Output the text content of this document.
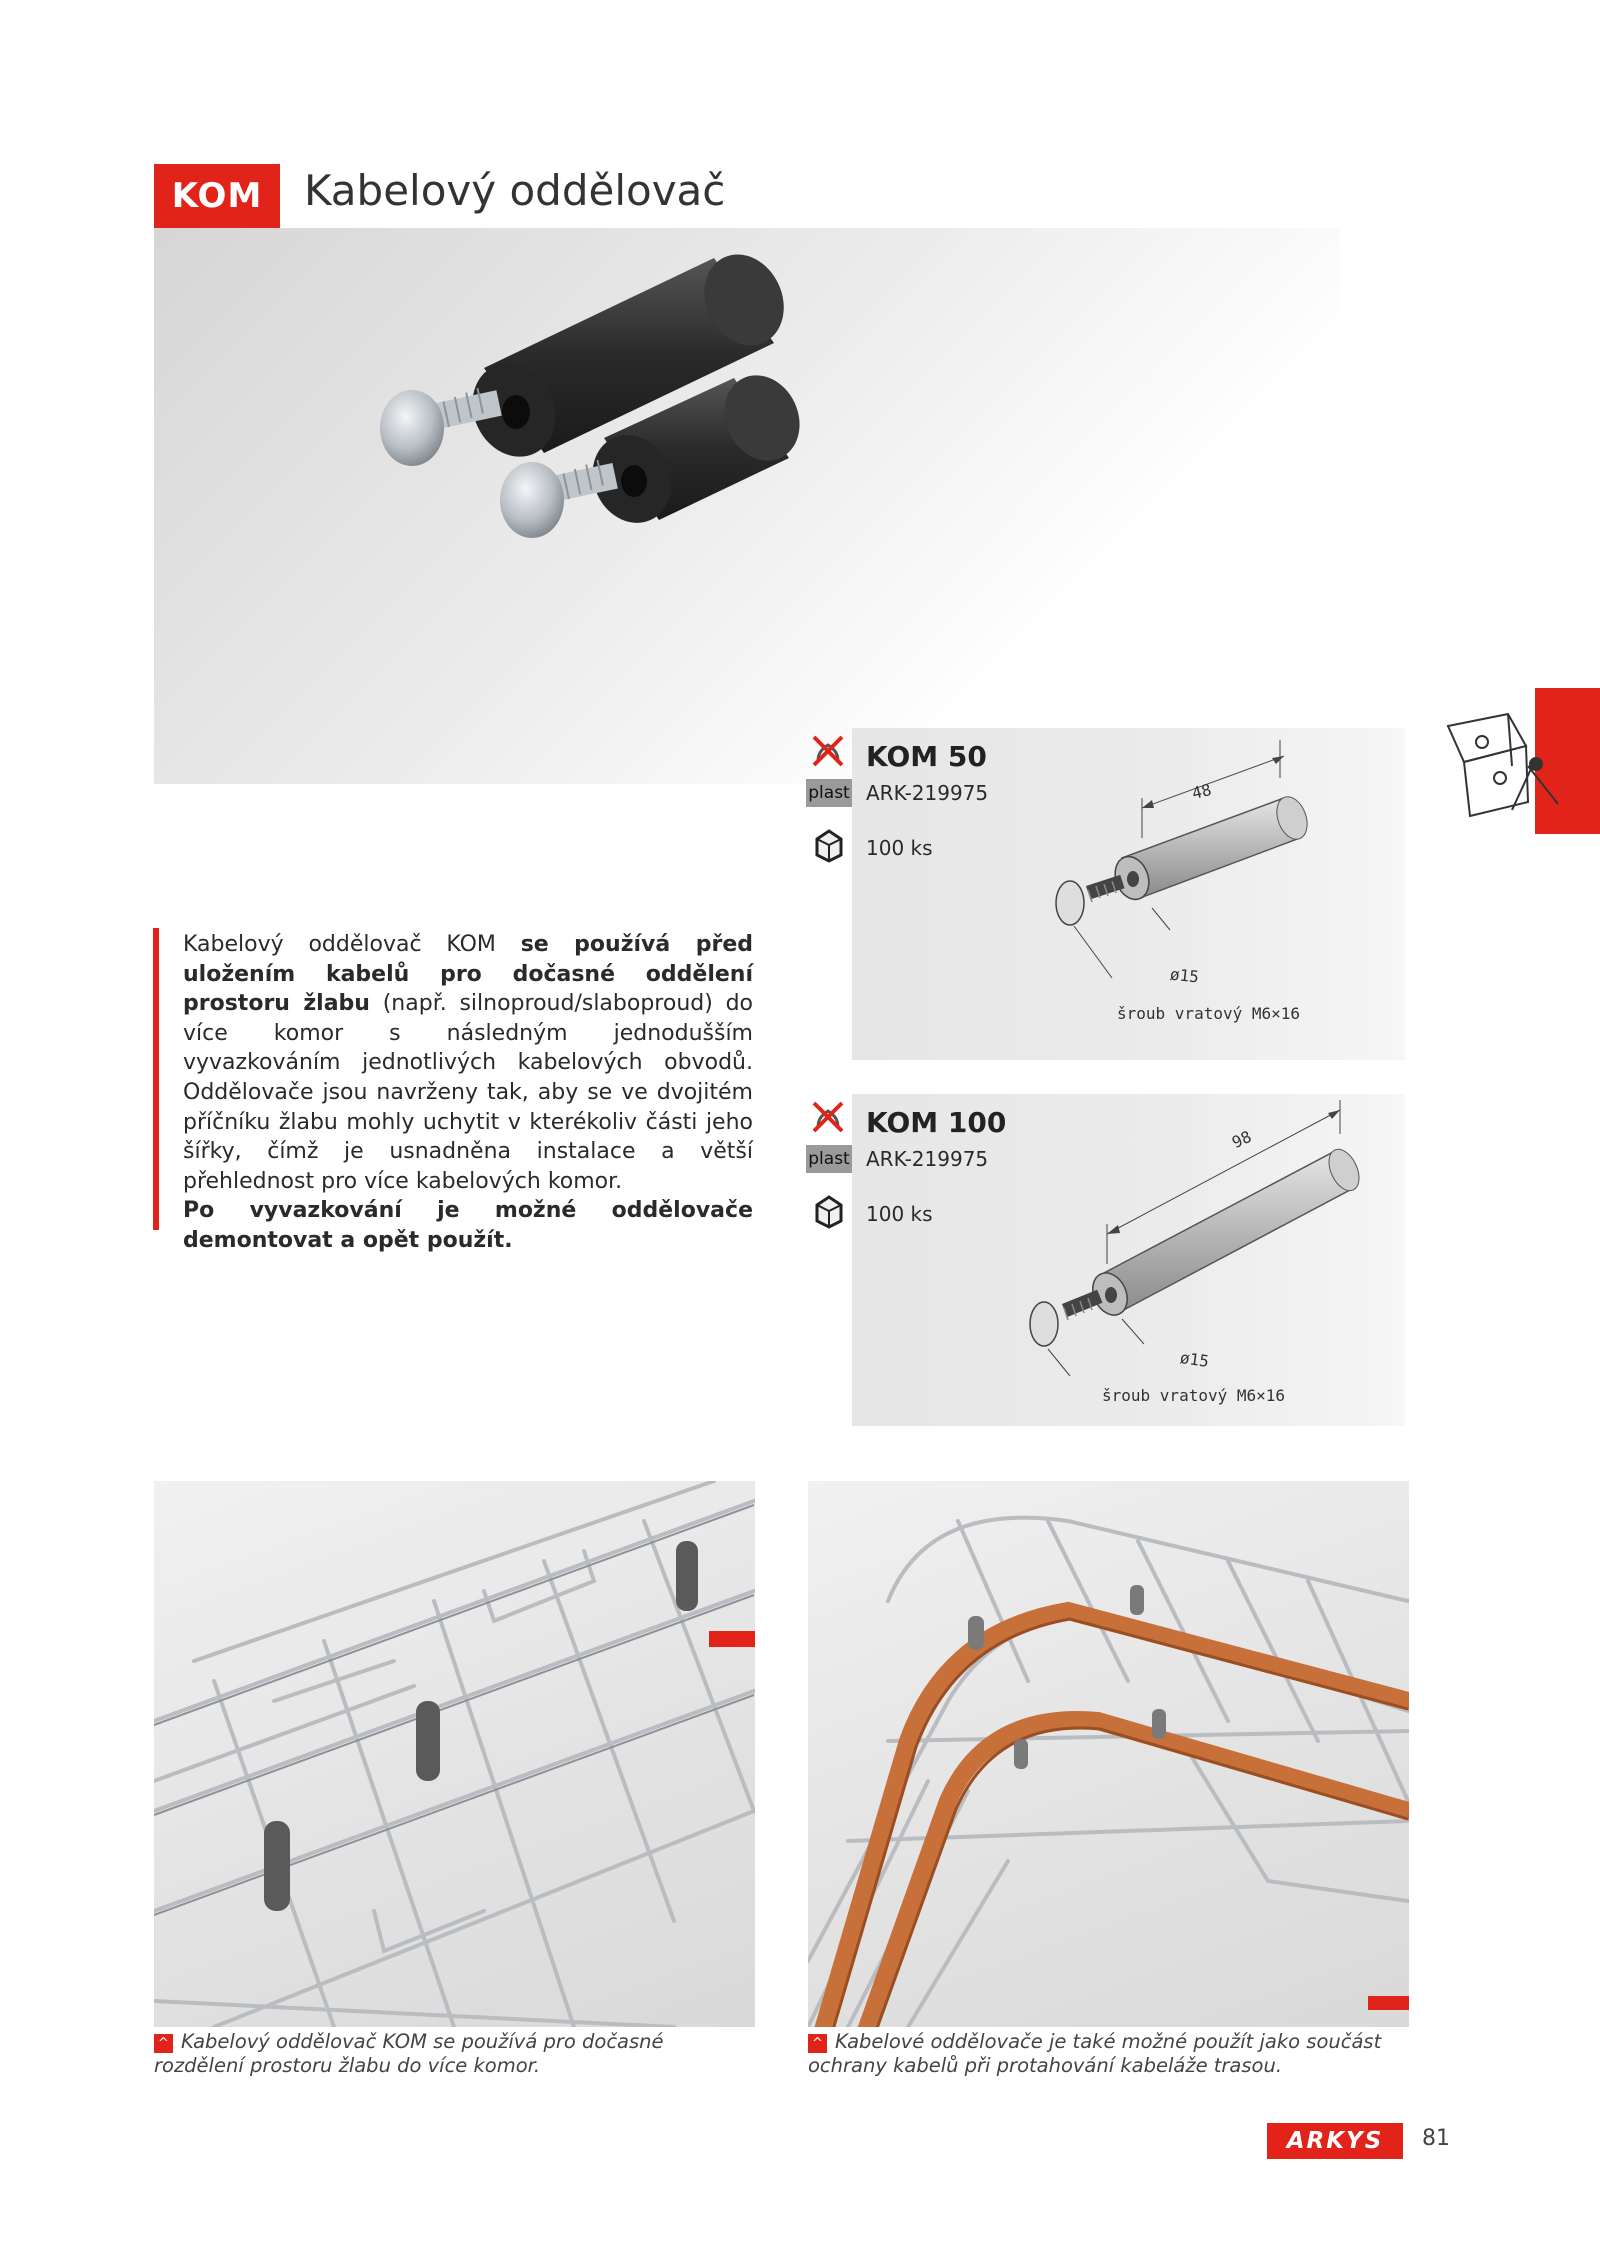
KOM Kabelový oddělovač
Kabelový oddělovač KOM se používá před uložením kabelů pro dočasné oddělení prostoru žlabu (např. silnoproud/slaboproud) do více komor s následným jednodušším vyvazkováním jednotlivých kabelových obvodů. Oddělovače jsou navrženy tak, aby se ve dvojitém příčníku žlabu mohly uchytit v kterékoliv části jeho šířky, čímž je usnadněna instalace a větší přehlednost pro více kabelových komor.
Po vyvazkování je možné oddělovače demontovat a opět použít.
plast
KOM 50
ARK-219975
100 ks
48
ø15
šroub vratový M6×16
plast
KOM 100
ARK-219975
100 ks
98
ø15
šroub vratový M6×16
^ Kabelový oddělovač KOM se používá pro dočasné rozdělení prostoru žlabu do více komor.
^ Kabelové oddělovače je také možné použít jako součást ochrany kabelů při protahování kabeláže trasou.
ARKYS	81
